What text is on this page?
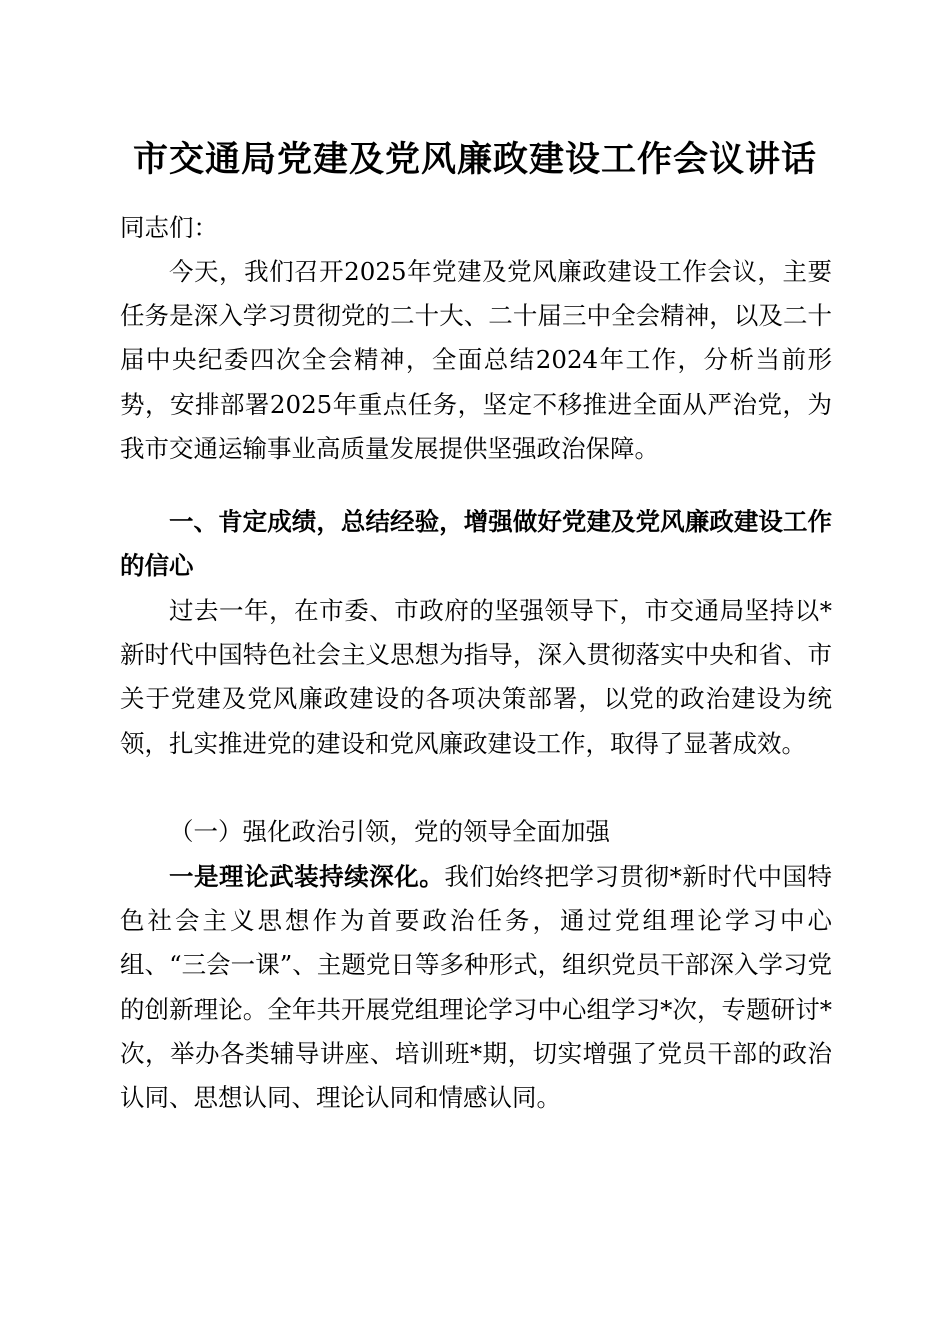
市交通局党建及党风廉政建设工作会议讲话

同志们：

今天，我们召开2025年党建及党风廉政建设工作会议，主要任务是深入学习贯彻党的二十大、二十届三中全会精神，以及二十届中央纪委四次全会精神，全面总结2024年工作，分析当前形势，安排部署2025年重点任务，坚定不移推进全面从严治党，为我市交通运输事业高质量发展提供坚强政治保障。

一、肯定成绩，总结经验，增强做好党建及党风廉政建设工作的信心

过去一年，在市委、市政府的坚强领导下，市交通局坚持以*新时代中国特色社会主义思想为指导，深入贯彻落实中央和省、市关于党建及党风廉政建设的各项决策部署，以党的政治建设为统领，扎实推进党的建设和党风廉政建设工作，取得了显著成效。

（一）强化政治引领，党的领导全面加强

一是理论武装持续深化。我们始终把学习贯彻*新时代中国特色社会主义思想作为首要政治任务，通过党组理论学习中心组、“三会一课”、主题党日等多种形式，组织党员干部深入学习党的创新理论。全年共开展党组理论学习中心组学习*次，专题研讨*次，举办各类辅导讲座、培训班*期，切实增强了党员干部的政治认同、思想认同、理论认同和情感认同。
